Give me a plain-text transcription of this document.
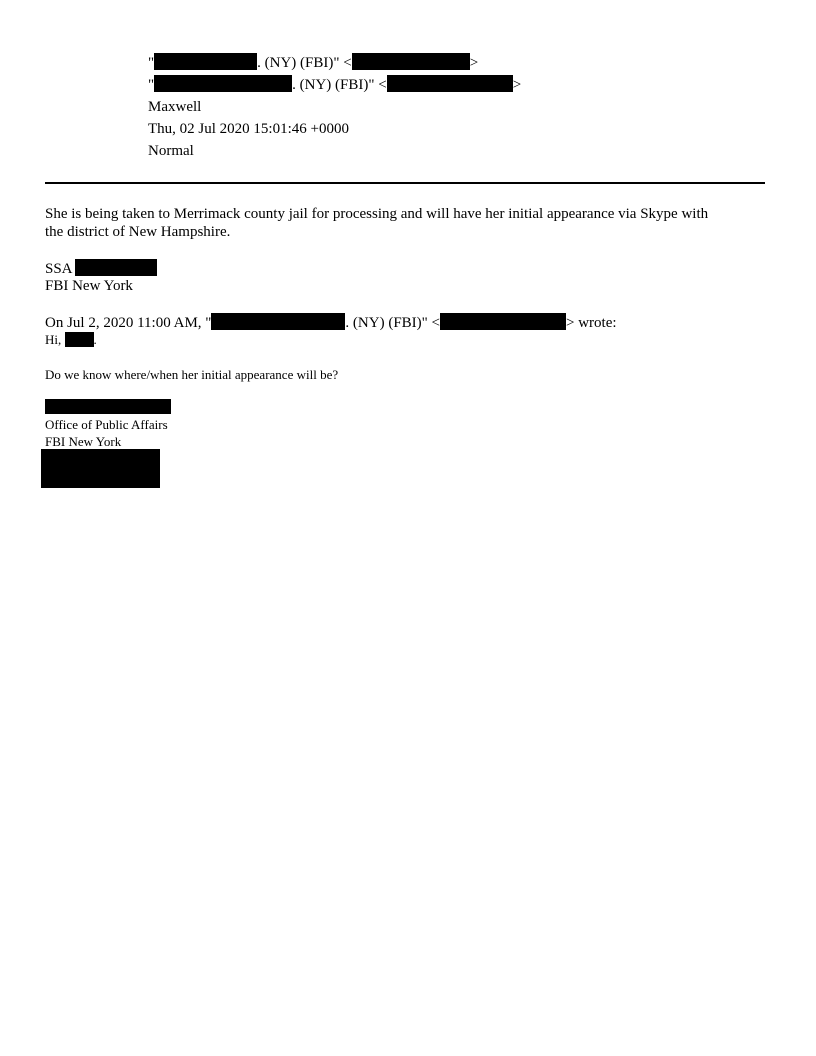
"	. (NY) (FBI)" <	>
"	. (NY) (FBI)" <	>
Maxwell
Thu, 02 Jul 2020 15:01:46 +0000
Normal
She is being taken to Merrimack county jail for processing and will have her initial appearance via Skype with
the district of New Hampshire.
SSA
FBI New York
On Jul 2, 2020 11:00 AM, "	. (NY) (FBI)" <	> wrote:
Hi, .
Do we know where/when her initial appearance will be?
Office of Public Affairs
FBI New York
